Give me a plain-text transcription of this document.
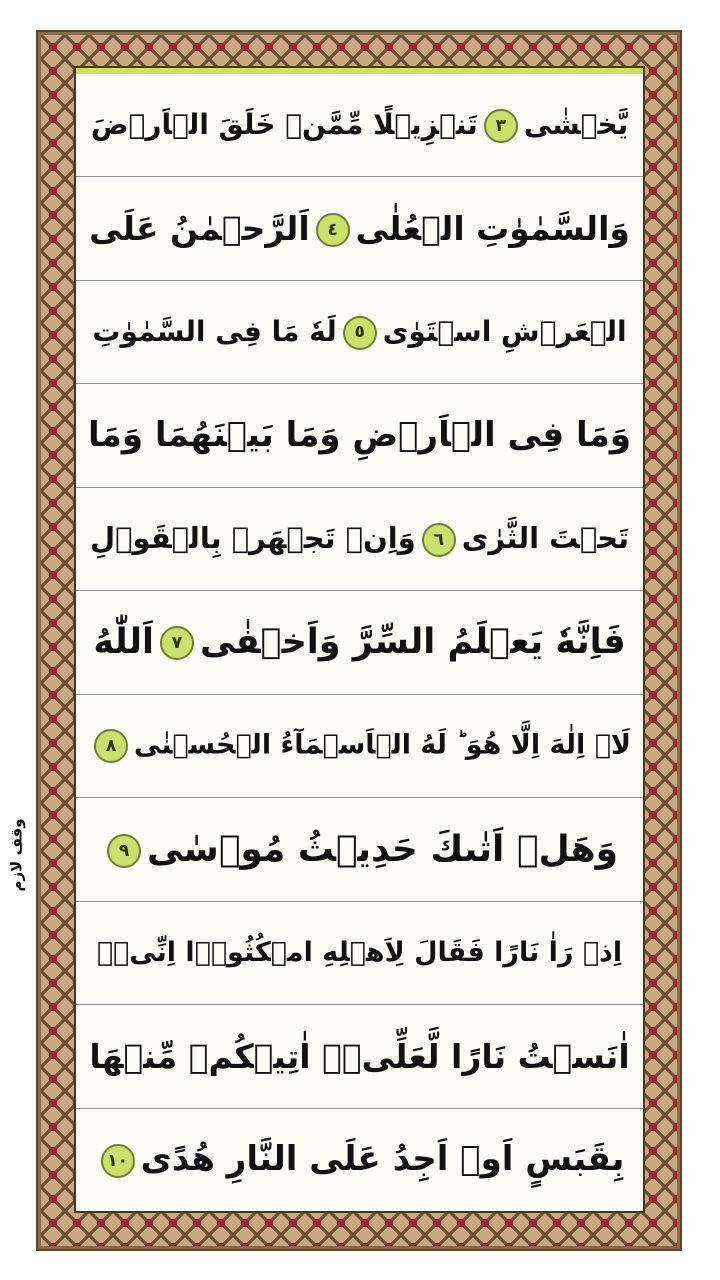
وقف لازم
يَّخۡشٰى٣تَنۡزِيۡلًا مِّمَّنۡ خَلَقَ الۡاَرۡضَ
وَالسَّمٰوٰتِ الۡعُلٰى٤اَلرَّحۡمٰنُ عَلَى
الۡعَرۡشِ اسۡتَوٰى٥لَهٗ مَا فِى السَّمٰوٰتِ
وَمَا فِى الۡاَرۡضِ وَمَا بَيۡنَهُمَا وَمَا
تَحۡتَ الثَّرٰى٦وَاِنۡ تَجۡهَرۡ بِالۡقَوۡلِ
فَاِنَّهٗ يَعۡلَمُ السِّرَّ وَاَخۡفٰى٧اَللّٰهُ
لَاۤ اِلٰهَ اِلَّا هُوَ‌ ؕ لَهُ الۡاَسۡمَآءُ الۡحُسۡنٰى٨
وَهَلۡ اَتٰٮكَ حَدِيۡثُ مُوۡسٰى٩
اِذۡ رَاٰ نَارًا فَقَالَ لِاَهۡلِهِ امۡكُثُوۡۤا اِنِّىۡۤ
اٰنَسۡتُ نَارًا لَّعَلِّىۡۤ اٰتِيۡكُمۡ مِّنۡهَا
بِقَبَسٍ اَوۡ اَجِدُ عَلَى النَّارِ هُدًى١٠
